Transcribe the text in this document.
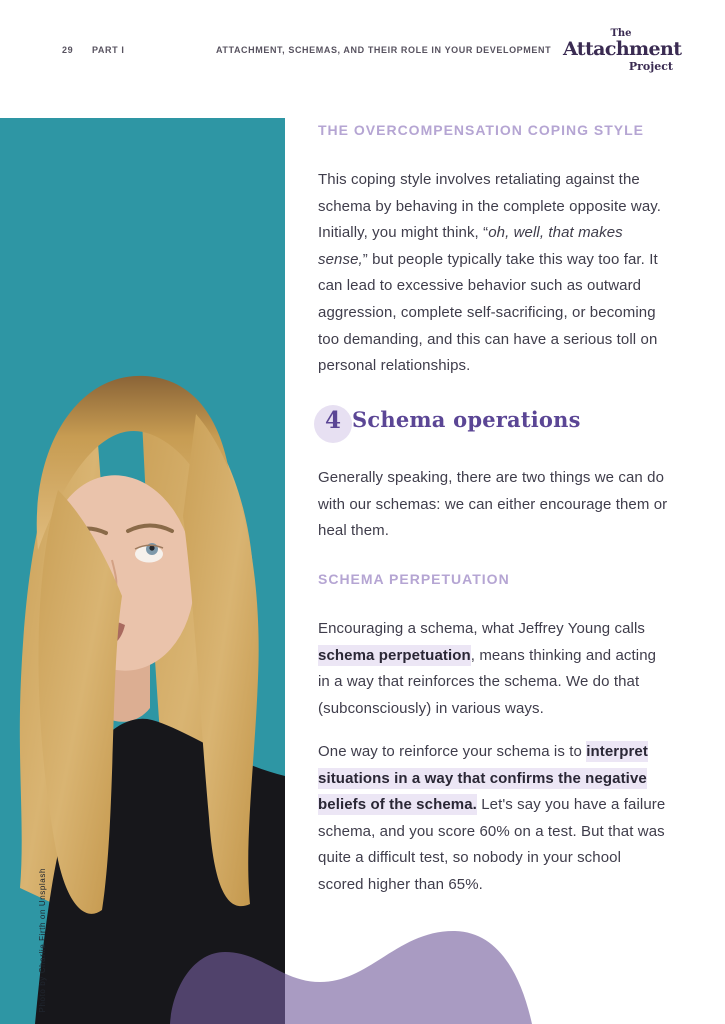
29 PART I	ATTACHMENT, SCHEMAS, AND THEIR ROLE IN YOUR DEVELOPMENT
The
Attachment
Project
Photo by Charlie Firth on Unsplash
THE OVERCOMPENSATION COPING STYLE

This coping style involves retaliating against the schema by behaving in the complete opposite way. Initially, you might think, “oh, well, that makes sense,” but people typically take this way too far. It can lead to excessive behavior such as outward aggression, complete self-sacrificing, or becoming too demanding, and this can have a serious toll on personal relationships.

4 Schema operations

Generally speaking, there are two things we can do with our schemas: we can either encourage them or heal them.

SCHEMA PERPETUATION

Encouraging a schema, what Jeffrey Young calls schema perpetuation, means thinking and acting in a way that reinforces the schema. We do that (subconsciously) in various ways.

One way to reinforce your schema is to interpret situations in a way that confirms the negative beliefs of the schema. Let's say you have a failure schema, and you score 60% on a test. But that was quite a difficult test, so nobody in your school scored higher than 65%.
